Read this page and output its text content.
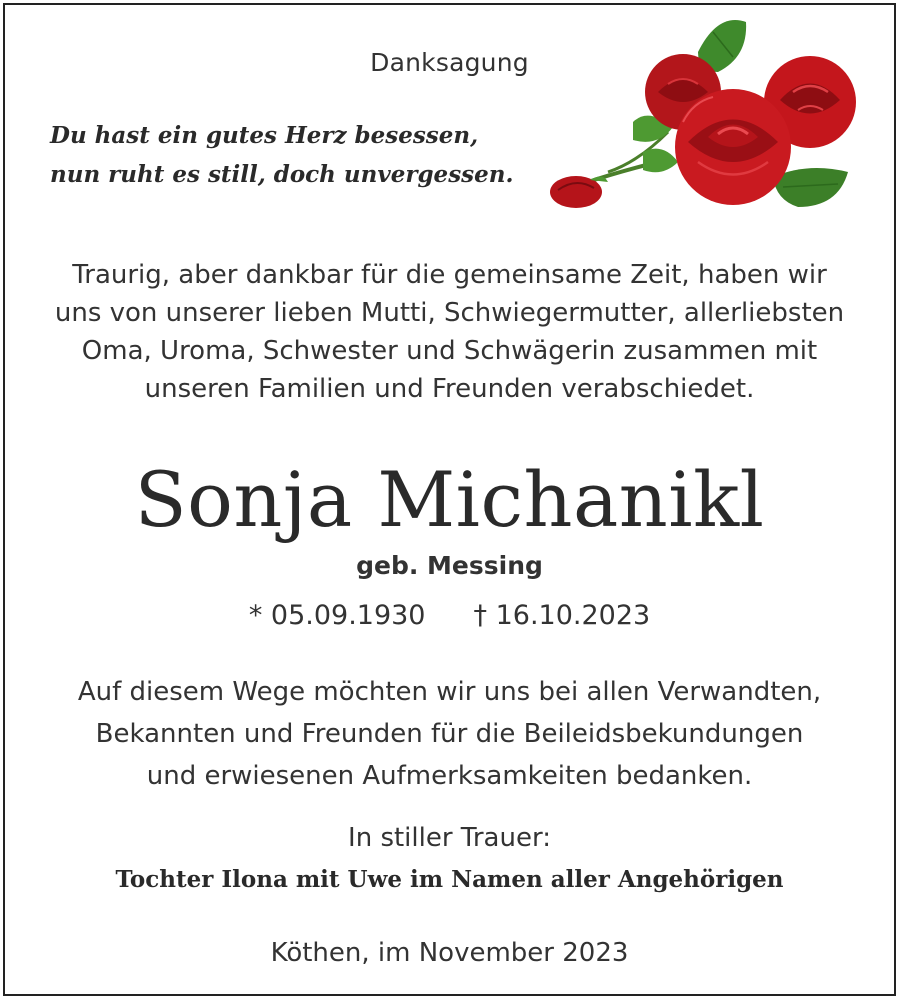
Danksagung
Du hast ein gutes Herz besessen,
nun ruht es still, doch unvergessen.
Traurig, aber dankbar für die gemeinsame Zeit, haben wir
uns von unserer lieben Mutti, Schwiegermutter, allerliebsten
Oma, Uroma, Schwester und Schwägerin zusammen mit
unseren Familien und Freunden verabschiedet.
Sonja Michanikl
geb. Messing
* 05.09.1930 † 16.10.2023
Auf diesem Wege möchten wir uns bei allen Verwandten,
Bekannten und Freunden für die Beileidsbekundungen
und erwiesenen Aufmerksamkeiten bedanken.
In stiller Trauer:
Tochter Ilona mit Uwe im Namen aller Angehörigen
Köthen, im November 2023
